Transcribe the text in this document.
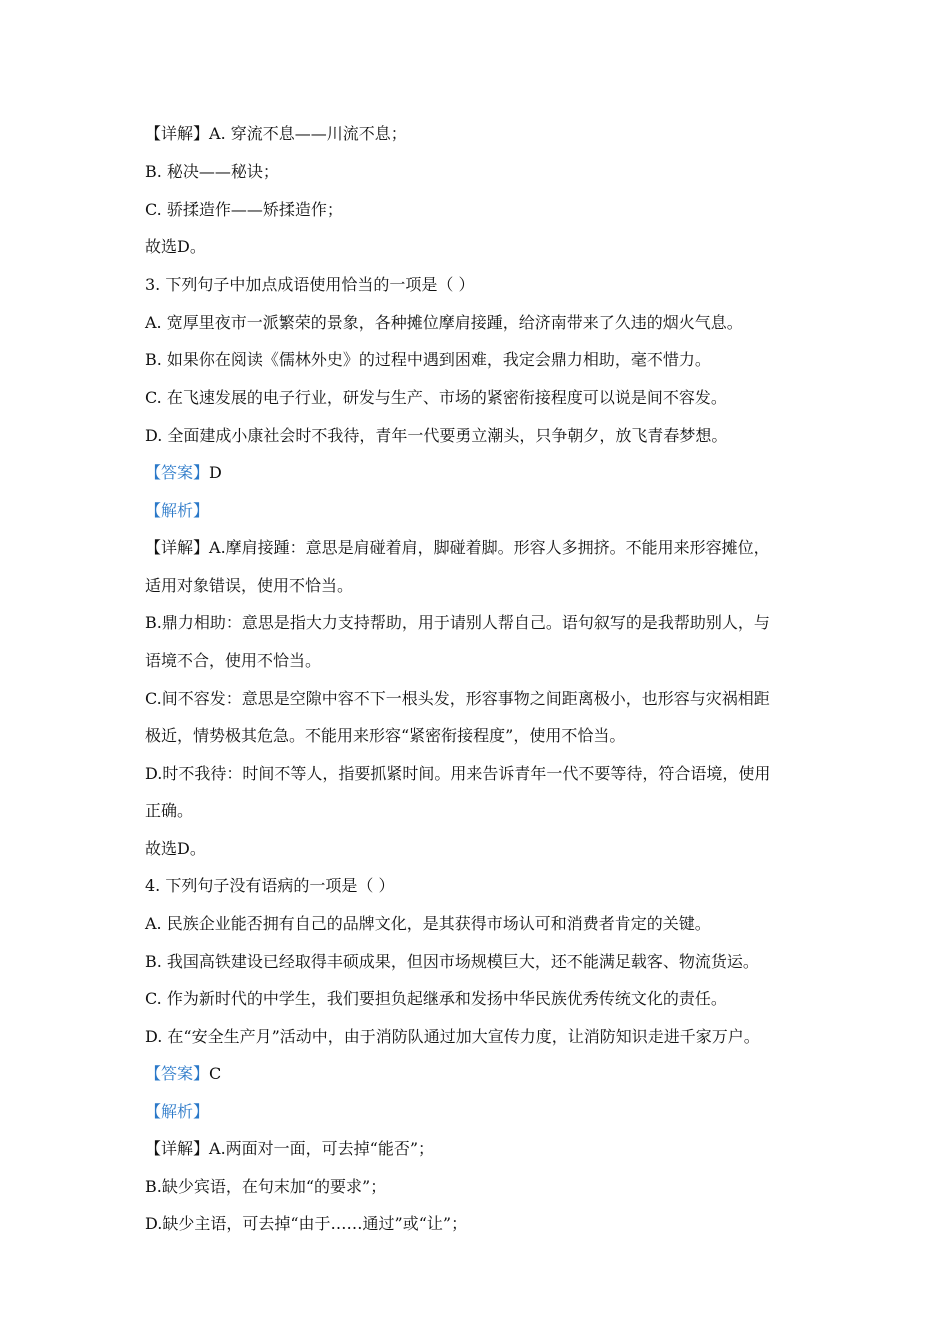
【详解】A. 穿流不息——川流不息；
B. 秘决——秘诀；
C. 骄揉造作——矫揉造作；
故选D。
3. 下列句子中加点成语使用恰当的一项是（ ）
A. 宽厚里夜市一派繁荣的景象，各种摊位摩肩接踵，给济南带来了久违的烟火气息。
B. 如果你在阅读《儒林外史》的过程中遇到困难，我定会鼎力相助，毫不惜力。
C. 在飞速发展的电子行业，研发与生产、市场的紧密衔接程度可以说是间不容发。
D. 全面建成小康社会时不我待，青年一代要勇立潮头，只争朝夕，放飞青春梦想。
【答案】D
【解析】
【详解】A.摩肩接踵：意思是肩碰着肩，脚碰着脚。形容人多拥挤。不能用来形容摊位，
适用对象错误，使用不恰当。
B.鼎力相助：意思是指大力支持帮助，用于请别人帮自己。语句叙写的是我帮助别人，与
语境不合，使用不恰当。
C.间不容发：意思是空隙中容不下一根头发，形容事物之间距离极小，也形容与灾祸相距
极近，情势极其危急。不能用来形容“紧密衔接程度”，使用不恰当。
D.时不我待：时间不等人，指要抓紧时间。用来告诉青年一代不要等待，符合语境，使用
正确。
故选D。
4. 下列句子没有语病的一项是（ ）
A. 民族企业能否拥有自己的品牌文化，是其获得市场认可和消费者肯定的关键。
B. 我国高铁建设已经取得丰硕成果，但因市场规模巨大，还不能满足载客、物流货运。
C. 作为新时代的中学生，我们要担负起继承和发扬中华民族优秀传统文化的责任。
D. 在“安全生产月”活动中，由于消防队通过加大宣传力度，让消防知识走进千家万户。
【答案】C
【解析】
【详解】A.两面对一面，可去掉“能否”；
B.缺少宾语，在句末加“的要求”；
D.缺少主语，可去掉“由于……通过”或“让”；
